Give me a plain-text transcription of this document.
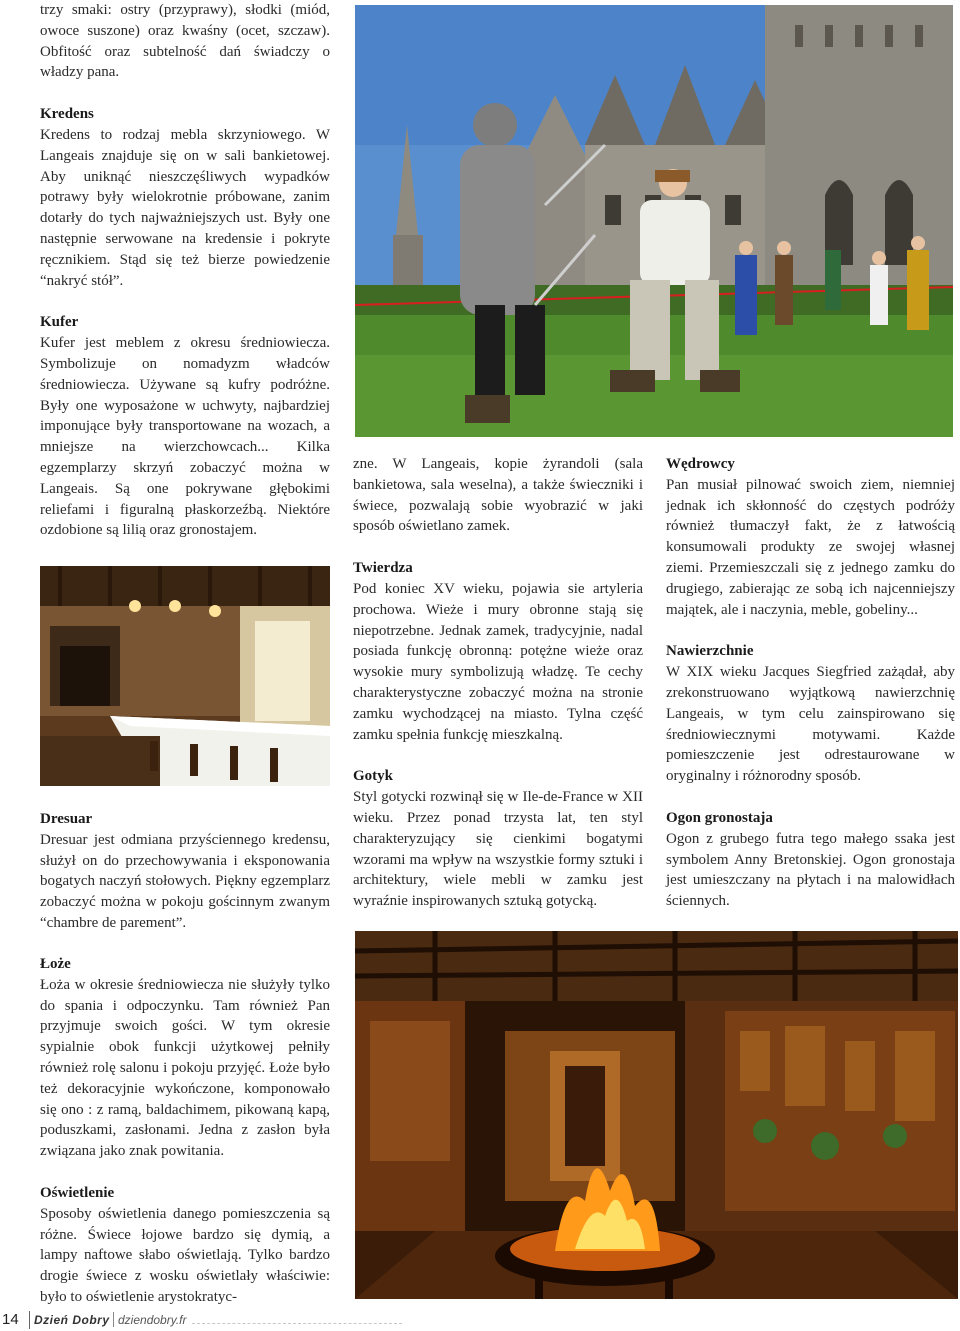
trzy smaki: ostry (przyprawy), słodki (miód, owoce suszone) oraz kwaśny (ocet, szczaw). Obfitość oraz subtelność dań świadczy o władzy pana.

Kredens

Kredens to rodzaj mebla skrzyniowego. W Langeais znajduje się on w sali bankietowej. Aby uniknąć nieszczęśliwych wypadków potrawy były wielokrotnie próbowane, zanim dotarły do tych najważniejszych ust. Były one następnie serwowane na kredensie i pokryte ręcznikiem. Stąd się też bierze powiedzenie “nakryć stół”.

Kufer

Kufer jest meblem z okresu średniowiecza. Symbolizuje on nomadyzm władców średniowiecza. Używane są kufry podróżne. Były one wyposażone w uchwyty, najbardziej imponujące były transportowane na wozach, a mniejsze na wierzchowcach... Kilka egzemplarzy skrzyń zobaczyć można w Langeais. Są one pokrywane głębokimi reliefami i figuralną płaskorzeźbą. Niektóre ozdobione są lilią oraz gronostajem.

Dresuar

Dresuar jest odmiana przyściennego kredensu, służył on do przechowywania i eksponowania bogatych naczyń stołowych. Piękny egzemplarz zobaczyć można w pokoju gościnnym zwanym “chambre de parement”.

Łoże

Łoża w okresie średniowiecza nie służyły tylko do spania i odpoczynku. Tam również Pan przyjmuje swoich gości. W tym okresie sypialnie obok funkcji użytkowej pełniły również rolę salonu i pokoju przyjęć. Łoże było też dekoracyjnie wykończone, komponowało się ono : z ramą, baldachimem, pikowaną kapą, poduszkami, zasłonami. Jedna z zasłon była związana jako znak powitania.

Oświetlenie

Sposoby oświetlenia danego pomieszczenia są różne. Świece łojowe bardzo się dymią, a lampy naftowe słabo oświetlają. Tylko bardzo drogie świece z wosku oświetlały właściwie: było to oświetlenie arystokratyc-

zne. W Langeais, kopie żyrandoli (sala bankietowa, sala weselna), a także świeczniki i świece, pozwalają sobie wyobrazić w jaki sposób oświetlano zamek.

Twierdza

Pod koniec XV wieku, pojawia sie artyleria prochowa. Wieże i mury obronne stają się niepotrzebne. Jednak zamek, tradycyjnie, nadal posiada funkcję obronną: potężne wieże oraz wysokie mury symbolizują władzę. Te cechy charakterystyczne zobaczyć można na stronie zamku wychodzącej na miasto. Tylna część zamku spełnia funkcję mieszkalną.

Gotyk

Styl gotycki rozwinął się w Ile-de-France w XII wieku. Przez ponad trzysta lat, ten styl charakteryzujący się cienkimi bogatymi wzorami ma wpływ na wszystkie formy sztuki i architektury, wiele mebli w zamku jest wyraźnie inspirowanych sztuką gotycką.

Wędrowcy

Pan musiał pilnować swoich ziem, niemniej jednak ich skłonność do częstych podróży również tłumaczył fakt, że z łatwością konsumowali produkty ze swojej własnej ziemi. Przemieszczali się z jednego zamku do drugiego, zabierając ze sobą ich najcenniejszy majątek, ale i naczynia, meble, gobeliny...

Nawierzchnie

W XIX wieku Jacques Siegfried zażądał, aby zrekonstruowano wyjątkową nawierzchnię Langeais, w tym celu zainspirowano się średniowiecznymi motywami. Każde pomieszczenie jest odrestaurowane w oryginalny i różnorodny sposób.

Ogon gronostaja

Ogon z grubego futra tego małego ssaka jest symbolem Anny Bretonskiej. Ogon gronostaja jest umieszczany na płytach i na malowidłach ściennych.

14 Dzień Dobry dziendobry.fr
